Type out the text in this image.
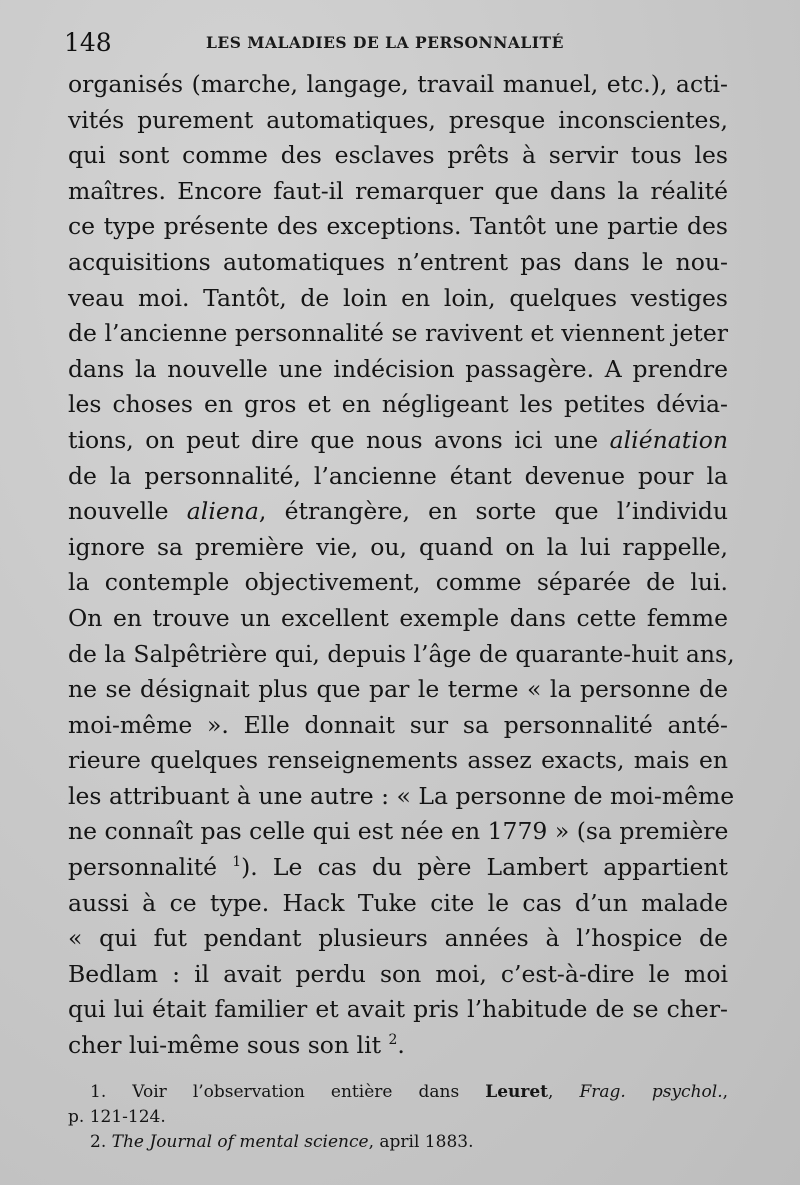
148	LES MALADIES DE LA PERSONNALITÉ
organisés (marche, langage, travail manuel, etc.), acti-
vités purement automatiques, presque inconscientes,
qui sont comme des esclaves prêts à servir tous les
maîtres. Encore faut-il remarquer que dans la réalité
ce type présente des exceptions. Tantôt une partie des
acquisitions automatiques n’entrent pas dans le nou-
veau moi. Tantôt, de loin en loin, quelques vestiges
de l’ancienne personnalité se ravivent et viennent jeter
dans la nouvelle une indécision passagère. A prendre
les choses en gros et en négligeant les petites dévia-
tions, on peut dire que nous avons ici une aliénation
de la personnalité, l’ancienne étant devenue pour la
nouvelle aliena, étrangère, en sorte que l’individu
ignore sa première vie, ou, quand on la lui rappelle,
la contemple objectivement, comme séparée de lui.
On en trouve un excellent exemple dans cette femme
de la Salpêtrière qui, depuis l’âge de quarante-huit ans,
ne se désignait plus que par le terme « la personne de
moi-même ». Elle donnait sur sa personnalité anté-
rieure quelques renseignements assez exacts, mais en
les attribuant à une autre : « La personne de moi-même
ne connaît pas celle qui est née en 1779 » (sa première
personnalité $^1$). Le cas du père Lambert appartient
aussi à ce type. Hack Tuke cite le cas d’un malade
« qui fut pendant plusieurs années à l’hospice de
Bedlam : il avait perdu son moi, c’est-à-dire le moi
qui lui était familier et avait pris l’habitude de se cher-
cher lui-même sous son lit $^2$.
1. Voir l’observation entière dans Leuret, Frag. psychol.,
p. 121-124.
2. The Journal of mental science, april 1883.
